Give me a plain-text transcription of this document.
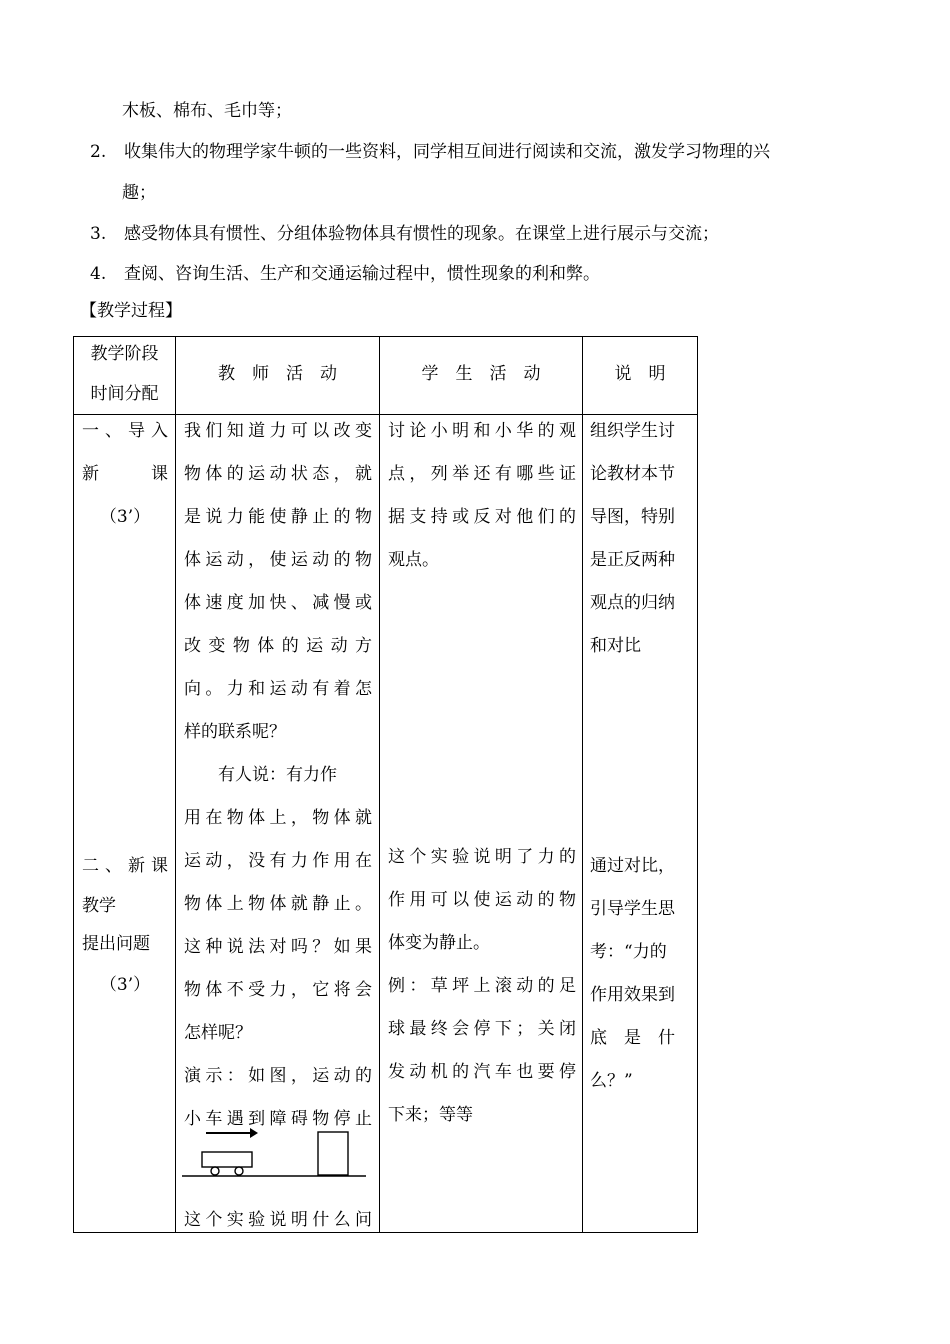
木板、棉布、毛巾等；
2. 收集伟大的物理学家牛顿的一些资料，同学相互间进行阅读和交流，激发学习物理的兴
趣；
3. 感受物体具有惯性、分组体验物体具有惯性的现象。在课堂上进行展示与交流；
4. 查阅、咨询生活、生产和交通运输过程中，惯性现象的利和弊。
【教学过程】

教学阶段

时间分配

教师活动	学生活动	说明

一、导入

新　　课

（3’）

二、新课

教学

提出问题

（3’）

我们知道力可以改变

物体的运动状态，就

是说力能使静止的物

体运动，使运动的物

体速度加快、减慢或

改变物体的运动方

向。力和运动有着怎

样的联系呢？

　　有人说：有力作

用在物体上，物体就

运动，没有力作用在

物体上物体就静止。

这种说法对吗？如果

物体不受力，它将会

怎样呢？

演示：如图，运动的

小车遇到障碍物停止

这个实验说明什么问

讨论小明和小华的观

点，列举还有哪些证

据支持或反对他们的

观点。

这个实验说明了力的

作用可以使运动的物

体变为静止。

例：草坪上滚动的足

球最终会停下；关闭

发动机的汽车也要停

下来；等等

组织学生讨

论教材本节

导图，特别

是正反两种

观点的归纳

和对比

通过对比，

引导学生思

考：“力的

作用效果到

底　是　什

么？”
